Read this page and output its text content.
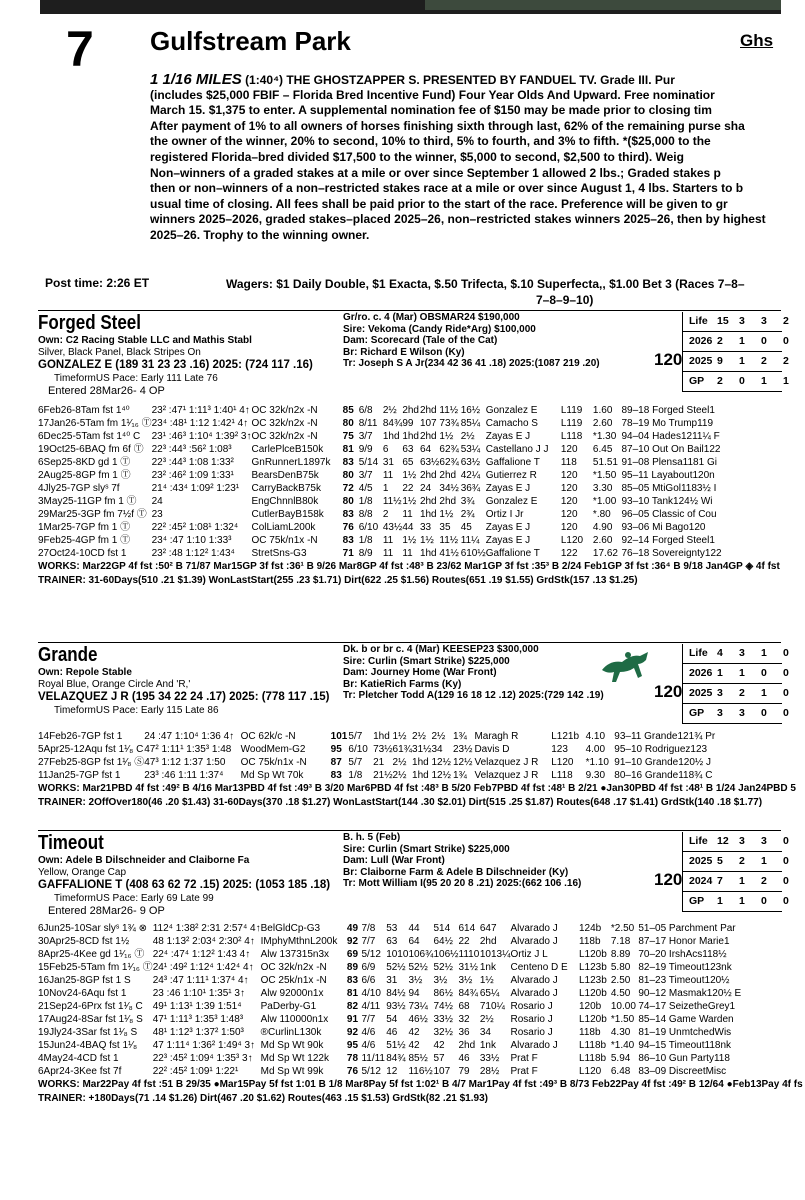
7 Gulfstream Park	Ghs
1 1/16 MILES (1:40⁴) THE GHOSTZAPPER S. PRESENTED BY FANDUEL TV. Grade III. Pur
(includes $25,000 FBIF – Florida Bred Incentive Fund) Four Year Olds And Upward. Free nominatior
March 15. $1,375 to enter. A supplemental nomination fee of $150 may be made prior to closing tim
After payment of 1% to all owners of horses finishing sixth through last, 62% of the remaining purse sha
the owner of the winner, 20% to second, 10% to third, 5% to fourth, and 3% to fifth. *($25,000 to the
registered Florida–bred divided $17,500 to the winner, $5,000 to second, $2,500 to third). Weig
Non–winners of a graded stakes at a mile or over since September 1 allowed 2 lbs.; Graded stakes p
then or non–winners of a non–restricted stakes race at a mile or over since August 1, 4 lbs. Starters to b
usual time of closing. All fees shall be paid prior to the start of the race. Preference will be given to gr
winners 2025–2026, graded stakes–placed 2025–26, non–restricted stakes winners 2025–26, then by highest
2025–26. Trophy to the winning owner.
Post time: 2:26 ET	Wagers: $1 Daily Double, $1 Exacta, $.50 Trifecta, $.10 Superfecta,, $1.00 Bet 3 (Races 7–8–
7–8–9–10)
Forged Steel
Own: C2 Racing Stable LLC and Mathis Stabl
Silver, Black Panel, Black Stripes On
GONZALEZ E (189 31 23 23 .16) 2025: (724 117 .16)
TimeformUS Pace: Early 111 Late 76
Entered 28Mar26- 4 OP
Gr/ro. c. 4 (Mar) OBSMAR24 $190,000
Sire: Vekoma (Candy Ride*Arg) $100,000
Dam: Scorecard (Tale of the Cat)
Br: Richard E Wilson (Ky)
Tr: Joseph S A Jr(234 42 36 41 .18) 2025:(1087 219 .20)	120
Life 15 3 3 2
2026 2 1 0 0
2025 9 1 2 2
GP 2 0 1 1
6Feb26-8Tam fst 1⁴⁰	23² :47¹ 1:11³ 1:40¹ 4↑	OC 32k/n2x -N	85	6/8	2½	2hd	2hd	11½	16½	Gonzalez E	L119	1.60	89–18 Forged Steel1
17Jan26-5Tam fm 1¹⁄₁₆ Ⓣ	23⁴ :48¹ 1:12 1:42¹ 4↑	OC 32k/n2x -N	80	8/11	84¾	99	107	73¾	85¼	Camacho S	L119	2.60	78–19 Mo Trump119
6Dec25-5Tam fst 1⁴⁰ C	23¹ :46³ 1:10⁴ 1:39² 3↑	OC 32k/n2x -N	75	3/7	1hd	1hd	2hd	1½	2½	Zayas E J	L118	*1.30	94–04 Hades1211¼ F
19Oct25-6BAQ fm 6f Ⓣ	22³ :44³ :56² 1:08³	CarlePlceB150k	81	9/9	6	63	64	62¾	53¼	Castellano J J	120	6.45	87–10 Out On Bail122
6Sep25-8KD gd 1 Ⓣ	22³ :44³ 1:08 1:33²	GnRunnerL1897k	83	5/14	31	65	63½	62¾	63½	Gaffalione T	118	51.51	91–08 Plensa1181 Gi
2Aug25-8GP fm 1 Ⓣ	23² :46² 1:09 1:33¹	BearsDenB75k	80	3/7	11	1½	2hd	2hd	42¼	Gutierrez R	120	*1.50	95–11 Layabout120n
4Jly25-7GP slyˢ 7f	21⁴ :43⁴ 1:09² 1:23¹	CarryBackB75k	72	4/5	1	22	24	34½	36¾	Zayas E J	120	3.30	85–05 MtiGol1183½ I
3May25-11GP fm 1 Ⓣ	24	EngChnnlB80k	80	1/8	11½	1½	2hd	2hd	3¾	Gonzalez E	120	*1.00	93–10 Tank124½ Wi
29Mar25-3GP fm 7½f Ⓣ	23	CutlerBayB158k	83	8/8	2	11	1hd	1½	2¾	Ortiz I Jr	120	*.80	96–05 Classic of Cou
1Mar25-7GP fm 1 Ⓣ	22² :45² 1:08¹ 1:32⁴	ColLiamL200k	76	6/10	43½	44	33	35	45	Zayas E J	120	4.90	93–06 Mi Bago120
9Feb25-4GP fm 1 Ⓣ	23⁴ :47 1:10 1:33³	OC 75k/n1x -N	83	1/8	11	1½	1½	11½	11¼	Zayas E J	L120	2.60	92–14 Forged Steel1
27Oct24-10CD fst 1	23² :48 1:12² 1:43⁴	StretSns-G3	71	8/9	11	11	1hd	41½	610½	Gaffalione T	122	17.62	76–18 Sovereignty122
WORKS: Mar22GP 4f fst :50² B 71/87 Mar15GP 3f fst :36¹ B 9/26 Mar8GP 4f fst :48³ B 23/62 Mar1GP 3f fst :35³ B 2/24 Feb1GP 3f fst :36⁴ B 9/18 Jan4GP ◈ 4f fst
TRAINER: 31-60Days(510 .21 $1.39) WonLastStart(255 .23 $1.71) Dirt(622 .25 $1.56) Routes(651 .19 $1.55) GrdStk(157 .13 $1.25)
Grande
Own: Repole Stable
Royal Blue, Orange Circle And 'R,'
VELAZQUEZ J R (195 34 22 24 .17) 2025: (778 117 .15)
TimeformUS Pace: Early 115 Late 86
Dk. b or br c. 4 (Mar) KEESEP23 $300,000
Sire: Curlin (Smart Strike) $225,000
Dam: Journey Home (War Front)
Br: KatieRich Farms (Ky)
Tr: Pletcher Todd A(129 16 18 12 .12) 2025:(729 142 .19)	120
Life 4 3 1 0
2026 1 1 0 0
2025 3 2 1 0
GP 3 3 0 0
14Feb26-7GP fst 1	24 :47 1:10⁴ 1:36 4↑	OC 62k/c -N	101	5/7	1hd	1½	2½	2½	1¾	Maragh R	L121b	4.10	93–11 Grande121¾ Pr
5Apr25-12Aqu fst 1¹⁄₈ C	47² 1:11¹ 1:35³ 1:48	WoodMem-G2	95	6/10	73½	61¾	31½	34	23½	Davis D	123	4.00	95–10 Rodriguez123
27Feb25-8GP fst 1¹⁄₈ Ⓢ	47³ 1:12 1:37 1:50	OC 75k/n1x -N	87	5/7	21	2½	1hd	12½	12½	Velazquez J R	L120	*1.10	91–10 Grande120½ J
11Jan25-7GP fst 1	23³ :46 1:11 1:37⁴	Md Sp Wt 70k	83	1/8	21½	2½	1hd	12½	1¾	Velazquez J R	L118	9.30	80–16 Grande118¾ C
WORKS: Mar21PBD 4f fst :49² B 4/16 Mar13PBD 4f fst :49³ B 3/20 Mar6PBD 4f fst :48³ B 5/20 Feb7PBD 4f fst :48¹ B 2/21 ●Jan30PBD 4f fst :48¹ B 1/24 Jan24PBD 5
TRAINER: 2OffOver180(46 .20 $1.43) 31-60Days(370 .18 $1.27) WonLastStart(144 .30 $2.01) Dirt(515 .25 $1.87) Routes(648 .17 $1.41) GrdStk(140 .18 $1.77)
Timeout
Own: Adele B Dilschneider and Claiborne Fa
Yellow, Orange Cap
GAFFALIONE T (408 63 62 72 .15) 2025: (1053 185 .18)
TimeformUS Pace: Early 69 Late 99
Entered 28Mar26- 9 OP
B. h. 5 (Feb)
Sire: Curlin (Smart Strike) $225,000
Dam: Lull (War Front)
Br: Claiborne Farm & Adele B Dilschneider (Ky)
Tr: Mott William I(95 20 20 8 .21) 2025:(662 106 .16)	120
Life 12 3 3 0
2025 5 2 1 0
2024 7 1 2 0
GP 1 1 0 0
6Jun25-10Sar slyˢ 1¾ ⊗	112⁴ 1:38² 2:31 2:57⁴ 4↑	BelGldCp-G3	49	7/8	53	44	514	614	647	Alvarado J	124b	*2.50	51–05 Parchment Par
30Apr25-8CD fst 1½	48 1:13² 2:03⁴ 2:30² 4↑	IMphyMthnL200k	92	7/7	63	64	64½	22	2hd	Alvarado J	118b	7.18	87–17 Honor Marie1
8Apr25-4Kee gd 1¹⁄₁₆ Ⓣ	22⁴ :47⁴ 1:12² 1:43 4↑	Alw 137315n3x	69	5/12	1010	106¾	106½	1110	1013¼	Ortiz J L	L120b	8.89	70–20 IrshAcs118½
15Feb25-5Tam fm 1¹⁄₁₆ Ⓣ	24¹ :49² 1:12⁴ 1:42⁴ 4↑	OC 32k/n2x -N	89	6/9	52½	52½	52½	31½	1nk	Centeno D E	L123b	5.80	82–19 Timeout123nk
16Jan25-8GP fst 1 S	24³ :47 1:11¹ 1:37⁴ 4↑	OC 25k/n1x -N	83	6/6	31	3½	3½	3½	1½	Alvarado J	L123b	2.50	81–23 Timeout120½
10Nov24-6Aqu fst 1	23 :46 1:10¹ 1:35¹ 3↑	Alw 92000n1x	81	4/10	84½	94	86½	84¾	65¼	Alvarado J	L120b	4.50	90–12 Masmak120½ E
21Sep24-6Prx fst 1¹⁄₈ C	49¹ 1:13¹ 1:39 1:51⁴	PaDerby-G1	82	4/11	93½	73¼	74½	68	710¼	Rosario J	120b	10.00	74–17 SeizetheGrey1
17Aug24-8Sar fst 1¹⁄₈ S	47¹ 1:11³ 1:35³ 1:48³	Alw 110000n1x	91	7/7	54	46½	33½	32	2½	Rosario J	L120b	*1.50	85–14 Game Warden
19Jly24-3Sar fst 1¹⁄₈ S	48¹ 1:12³ 1:37² 1:50³	®CurlinL130k	92	4/6	46	42	32½	36	34	Rosario J	118b	4.30	81–19 UnmtchedWis
15Jun24-4BAQ fst 1¹⁄₈	47 1:11⁴ 1:36² 1:49⁴ 3↑	Md Sp Wt 90k	95	4/6	51½	42	42	2hd	1nk	Alvarado J	L118b	*1.40	94–15 Timeout118nk
4May24-4CD fst 1	22³ :45² 1:09⁴ 1:35³ 3↑	Md Sp Wt 122k	78	11/11	84¾	85½	57	46	33½	Prat F	L118b	5.94	86–10 Gun Party118
6Apr24-3Kee fst 7f	22² :45² 1:09¹ 1:22¹	Md Sp Wt 99k	76	5/12	12	116½	107	79	28½	Prat F	L120	6.48	83–09 DiscreetMisc
WORKS: Mar22Pay 4f fst :51 B 29/35 ●Mar15Pay 5f fst 1:01 B 1/8 Mar8Pay 5f fst 1:02¹ B 4/7 Mar1Pay 4f fst :49³ B 8/73 Feb22Pay 4f fst :49² B 12/64 ●Feb13Pay 4f fs
TRAINER: +180Days(71 .14 $1.26) Dirt(467 .20 $1.62) Routes(463 .15 $1.53) GrdStk(82 .21 $1.93)
